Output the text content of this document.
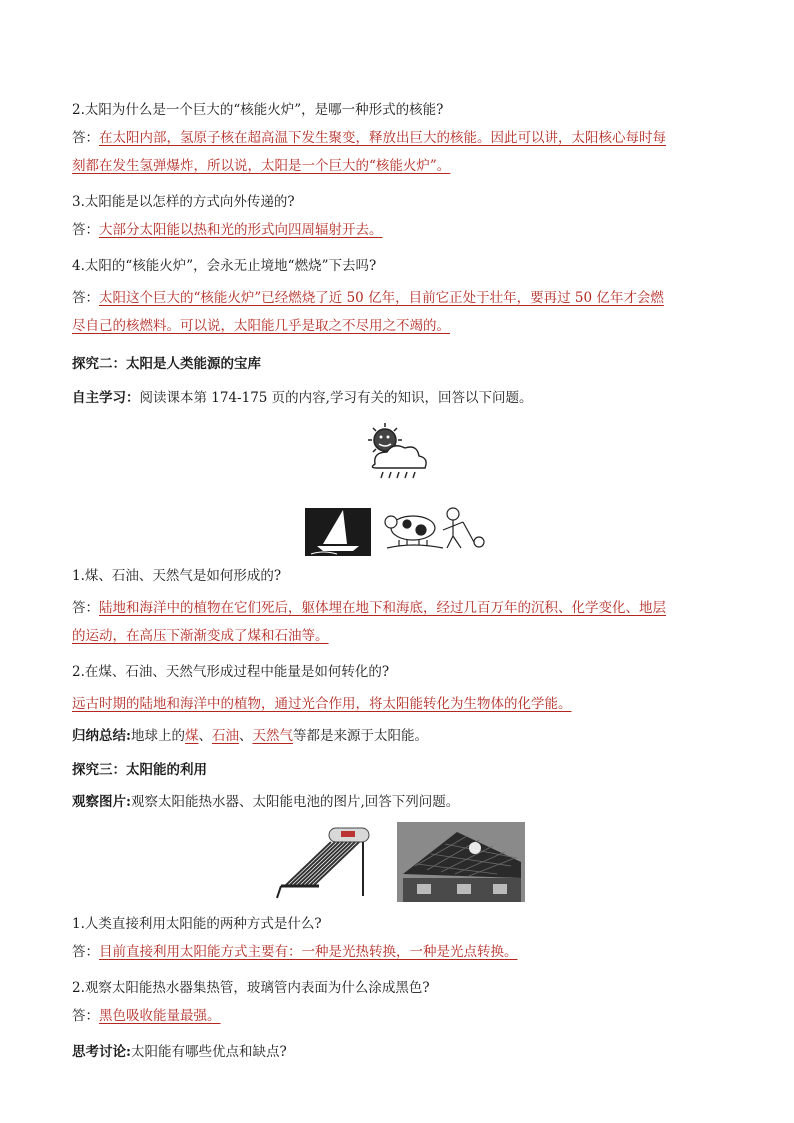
2.太阳为什么是一个巨大的“核能火炉”，是哪一种形式的核能?
答：在太阳内部，氢原子核在超高温下发生聚变，释放出巨大的核能。因此可以讲，太阳核心每时每
刻都在发生氢弹爆炸，所以说，太阳是一个巨大的“核能火炉”。
3.太阳能是以怎样的方式向外传递的?
答：大部分太阳能以热和光的形式向四周辐射开去。
4.太阳的“核能火炉”，会永无止境地“燃烧”下去吗?
答：太阳这个巨大的“核能火炉”已经燃烧了近 50 亿年，目前它正处于壮年，要再过 50 亿年才会燃
尽自己的核燃料。可以说，太阳能几乎是取之不尽用之不竭的。
探究二：太阳是人类能源的宝库
自主学习：阅读课本第 174-175 页的内容,学习有关的知识，回答以下问题。
1.煤、石油、天然气是如何形成的?
答：陆地和海洋中的植物在它们死后，躯体埋在地下和海底，经过几百万年的沉积、化学变化、地层
的运动，在高压下渐渐变成了煤和石油等。
2.在煤、石油、天然气形成过程中能量是如何转化的?
远古时期的陆地和海洋中的植物，通过光合作用，将太阳能转化为生物体的化学能。
归纳总结:地球上的煤、石油、天然气等都是来源于太阳能。
探究三：太阳能的利用
观察图片:观察太阳能热水器、太阳能电池的图片,回答下列问题。
1.人类直接利用太阳能的两种方式是什么?
答：目前直接利用太阳能方式主要有：一种是光热转换，一种是光点转换。
2.观察太阳能热水器集热管，玻璃管内表面为什么涂成黑色?
答：黑色吸收能量最强。
思考讨论:太阳能有哪些优点和缺点?
